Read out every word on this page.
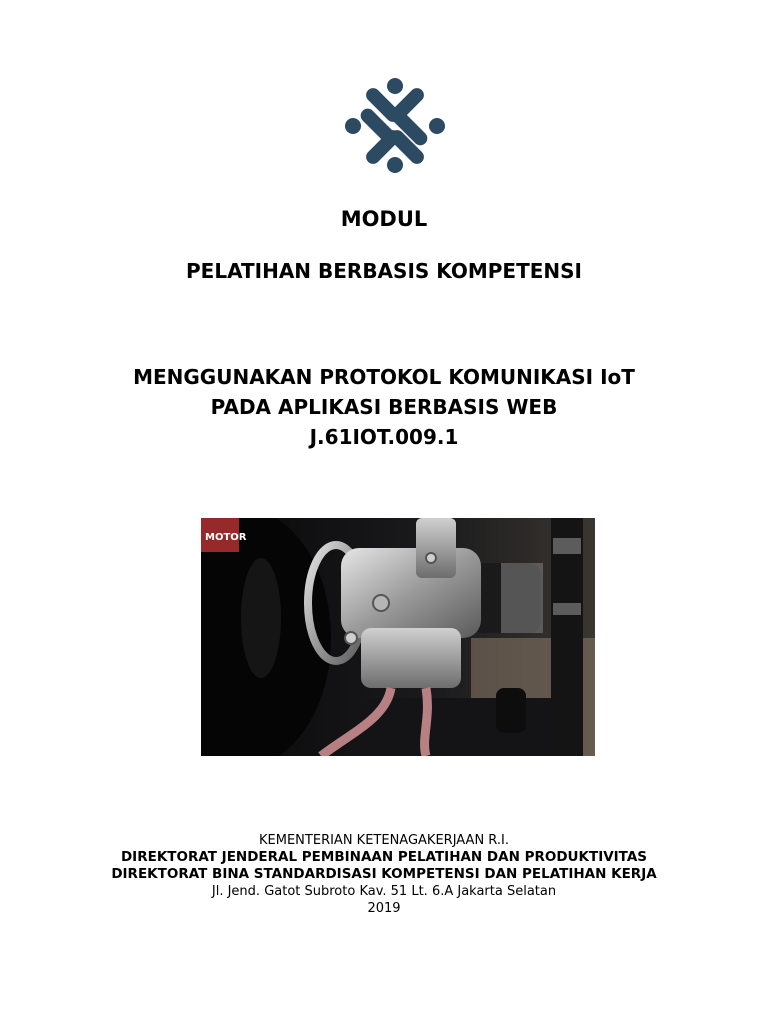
MODUL
PELATIHAN BERBASIS KOMPETENSI
MENGGUNAKAN PROTOKOL KOMUNIKASI IoT
PADA APLIKASI BERBASIS WEB
J.61IOT.009.1
MOTOR
KEMENTERIAN KETENAGAKERJAAN R.I.
DIREKTORAT JENDERAL PEMBINAAN PELATIHAN DAN PRODUKTIVITAS
DIREKTORAT BINA STANDARDISASI KOMPETENSI DAN PELATIHAN KERJA
Jl. Jend. Gatot Subroto Kav. 51 Lt. 6.A Jakarta Selatan
2019
